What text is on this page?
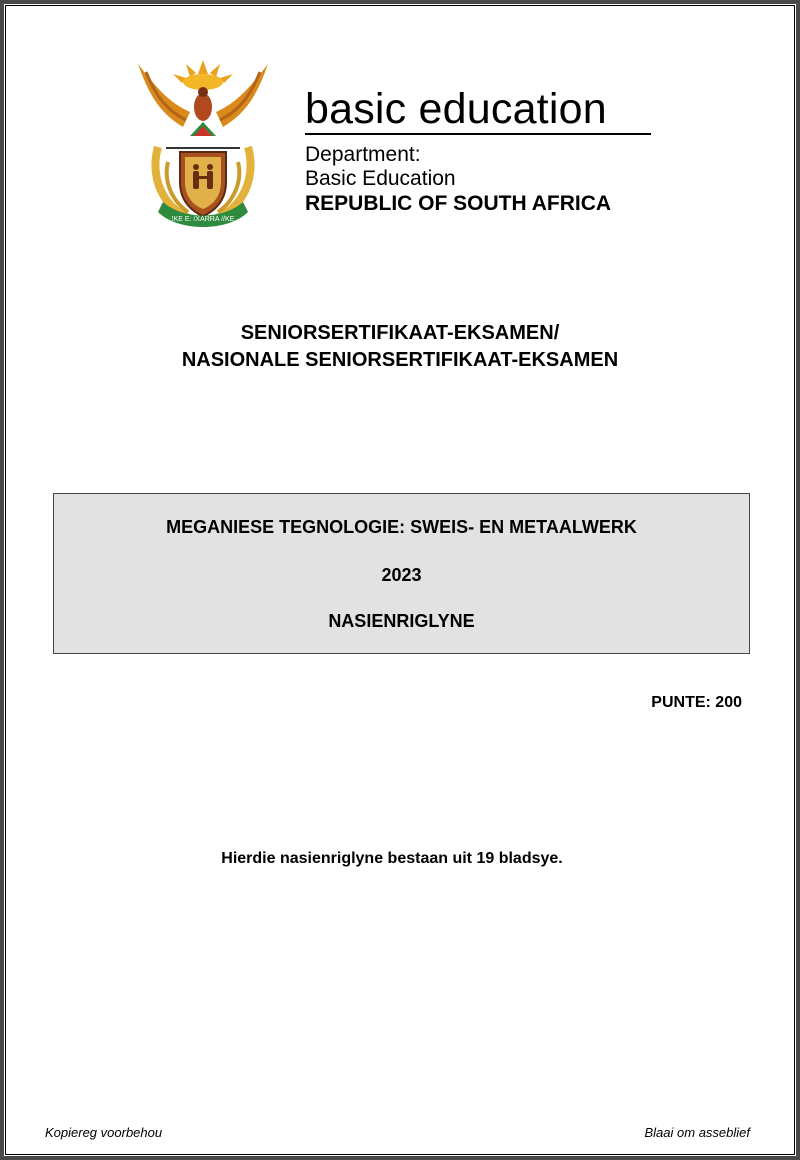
!KE E: /XARRA //KE
basic education
Department:
Basic Education
REPUBLIC OF SOUTH AFRICA
SENIORSERTIFIKAAT-EKSAMEN/
NASIONALE SENIORSERTIFIKAAT-EKSAMEN
MEGANIESE TEGNOLOGIE: SWEIS- EN METAALWERK
2023
NASIENRIGLYNE
PUNTE: 200
Hierdie nasienriglyne bestaan uit 19 bladsye.
Kopiereg voorbehou	Blaai om asseblief
